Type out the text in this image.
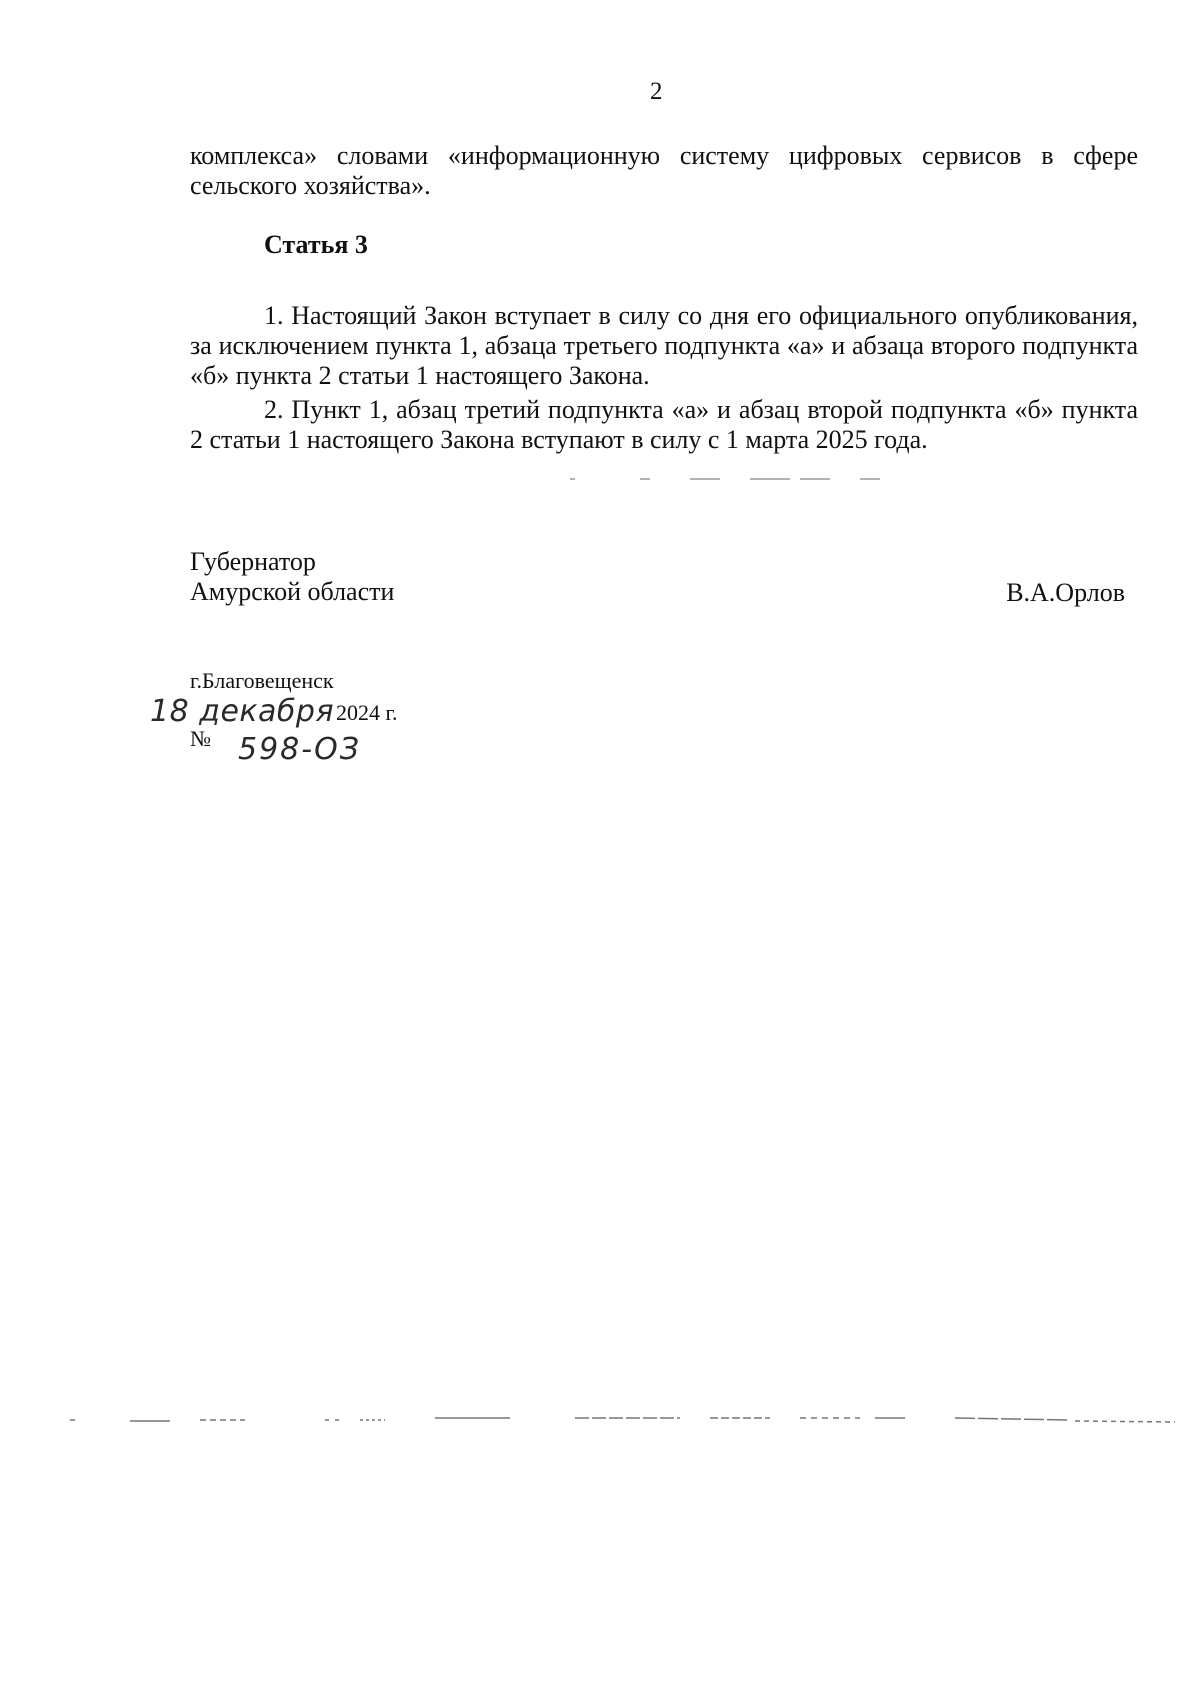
2
комплекса» словами «информационную систему цифровых сервисов в сфере сельского хозяйства».
Статья 3
1. Настоящий Закон вступает в силу со дня его официального опубликования, за исключением пункта 1, абзаца третьего подпункта «а» и абзаца второго подпункта «б» пункта 2 статьи 1 настоящего Закона.
2. Пункт 1, абзац третий подпункта «а» и абзац второй подпункта «б» пункта 2 статьи 1 настоящего Закона вступают в силу с 1 марта 2025 года.
Губернатор
Амурской области	В.А.Орлов
г.Благовещенск
18 декабря 2024 г.
№ 598-ОЗ
